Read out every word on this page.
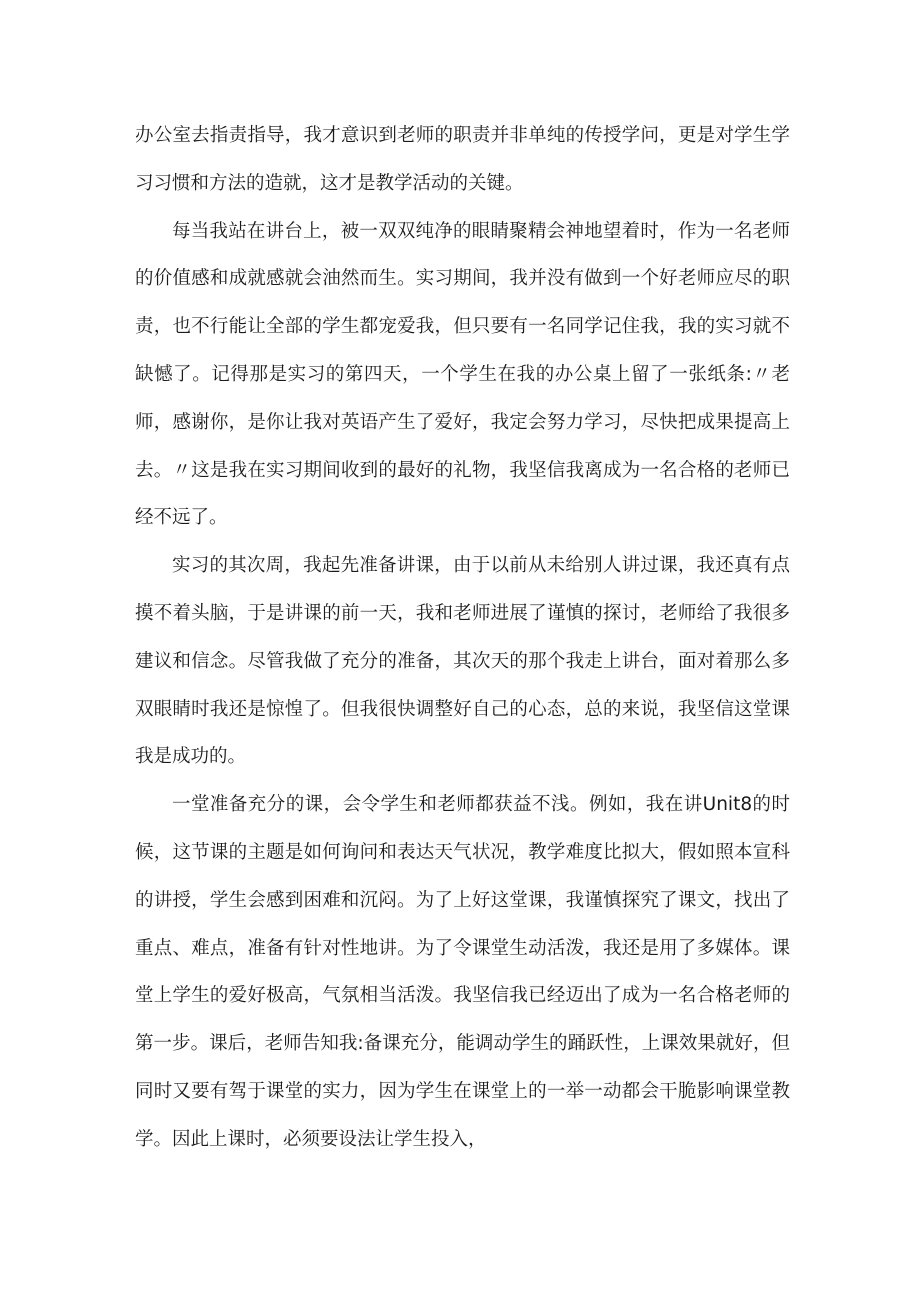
办公室去指责指导，我才意识到老师的职责并非单纯的传授学问，更是对学生学习习惯和方法的造就，这才是教学活动的关键。

每当我站在讲台上，被一双双纯净的眼睛聚精会神地望着时，作为一名老师的价值感和成就感就会油然而生。实习期间，我并没有做到一个好老师应尽的职责，也不行能让全部的学生都宠爱我，但只要有一名同学记住我，我的实习就不缺憾了。记得那是实习的第四天，一个学生在我的办公桌上留了一张纸条:〃老师，感谢你，是你让我对英语产生了爱好，我定会努力学习，尽快把成果提高上去。〃这是我在实习期间收到的最好的礼物，我坚信我离成为一名合格的老师已经不远了。

实习的其次周，我起先准备讲课，由于以前从未给别人讲过课，我还真有点摸不着头脑，于是讲课的前一天，我和老师进展了谨慎的探讨，老师给了我很多建议和信念。尽管我做了充分的准备，其次天的那个我走上讲台，面对着那么多双眼睛时我还是惊惶了。但我很快调整好自己的心态，总的来说，我坚信这堂课我是成功的。

一堂准备充分的课，会令学生和老师都获益不浅。例如，我在讲Unit8的时候，这节课的主题是如何询问和表达天气状况，教学难度比拟大，假如照本宣科的讲授，学生会感到困难和沉闷。为了上好这堂课，我谨慎探究了课文，找出了重点、难点，准备有针对性地讲。为了令课堂生动活泼，我还是用了多媒体。课堂上学生的爱好极高，气氛相当活泼。我坚信我已经迈出了成为一名合格老师的第一步。课后，老师告知我:备课充分，能调动学生的踊跃性，上课效果就好，但同时又要有驾于课堂的实力，因为学生在课堂上的一举一动都会干脆影响课堂教学。因此上课时，必须要设法让学生投入，
